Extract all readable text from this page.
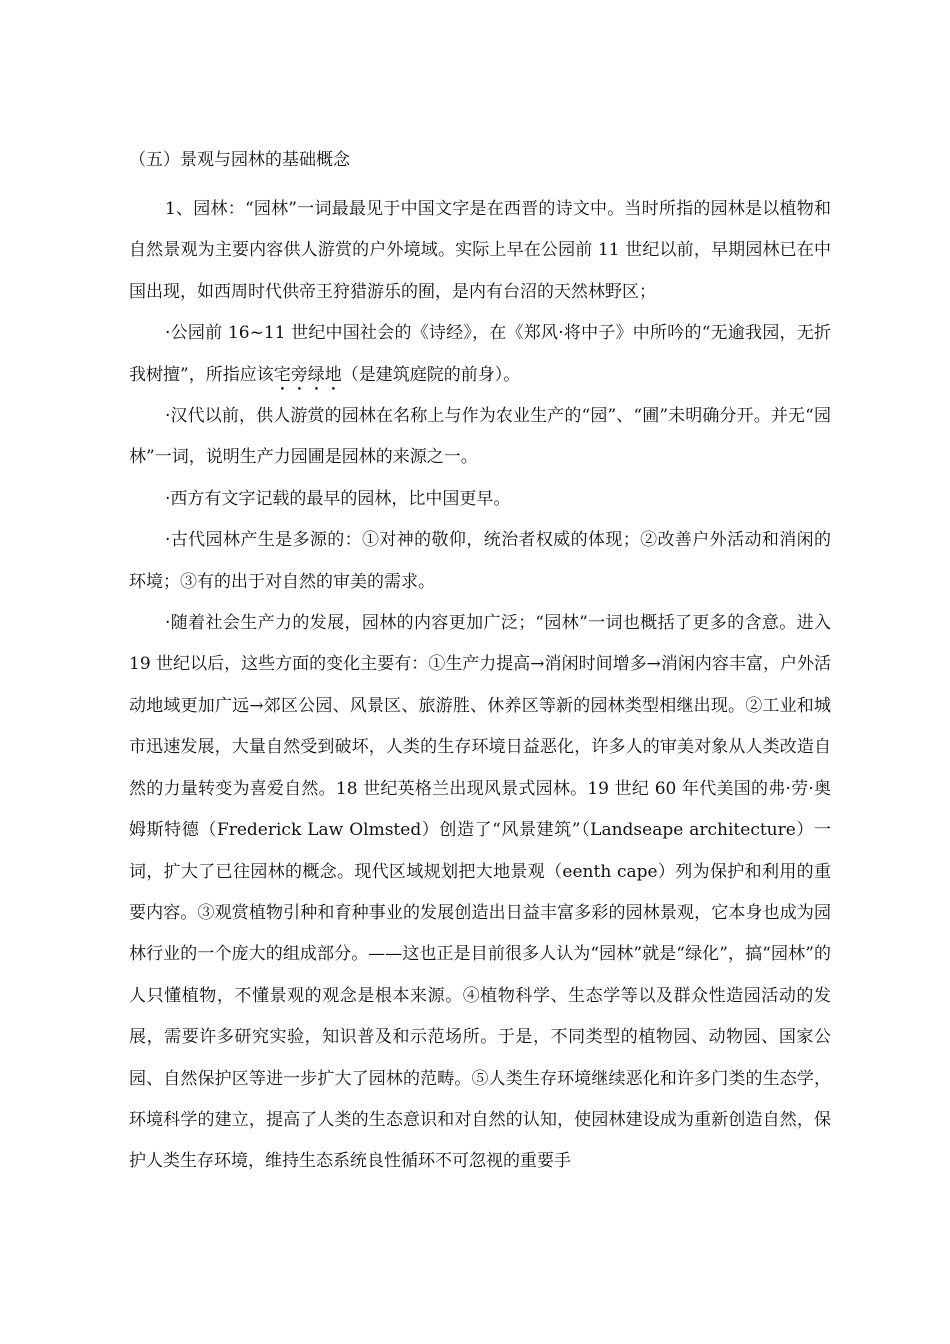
（五）景观与园林的基础概念

1、园林：“园林”一词最最见于中国文字是在西晋的诗文中。当时所指的园林是以植物和自然景观为主要内容供人游赏的户外境域。实际上早在公园前 11 世纪以前，早期园林已在中国出现，如西周时代供帝王狩猎游乐的囿，是内有台沼的天然林野区；

·公园前 16~11 世纪中国社会的《诗经》，在《郑风·将中子》中所吟的“无逾我园，无折我树擅”，所指应该宅旁绿地（是建筑庭院的前身）。

·汉代以前，供人游赏的园林在名称上与作为农业生产的“园”、“圃”未明确分开。并无“园林”一词，说明生产力园圃是园林的来源之一。

·西方有文字记载的最早的园林，比中国更早。

·古代园林产生是多源的：①对神的敬仰，统治者权威的体现；②改善户外活动和消闲的环境；③有的出于对自然的审美的需求。

·随着社会生产力的发展，园林的内容更加广泛；“园林”一词也概括了更多的含意。进入 19 世纪以后，这些方面的变化主要有：①生产力提高→消闲时间增多→消闲内容丰富，户外活动地域更加广远→郊区公园、风景区、旅游胜、休养区等新的园林类型相继出现。②工业和城市迅速发展，大量自然受到破坏，人类的生存环境日益恶化，许多人的审美对象从人类改造自然的力量转变为喜爱自然。18 世纪英格兰出现风景式园林。19 世纪 60 年代美国的弗·劳·奥姆斯特德（Frederick Law Olmsted）创造了“风景建筑”（Landseape architecture）一词，扩大了已往园林的概念。现代区域规划把大地景观（eenth cape）列为保护和利用的重要内容。③观赏植物引种和育种事业的发展创造出日益丰富多彩的园林景观，它本身也成为园林行业的一个庞大的组成部分。——这也正是目前很多人认为“园林”就是“绿化”，搞“园林”的人只懂植物，不懂景观的观念是根本来源。④植物科学、生态学等以及群众性造园活动的发展，需要许多研究实验，知识普及和示范场所。于是，不同类型的植物园、动物园、国家公园、自然保护区等进一步扩大了园林的范畴。⑤人类生存环境继续恶化和许多门类的生态学，环境科学的建立，提高了人类的生态意识和对自然的认知，使园林建设成为重新创造自然，保护人类生存环境，维持生态系统良性循环不可忽视的重要手
